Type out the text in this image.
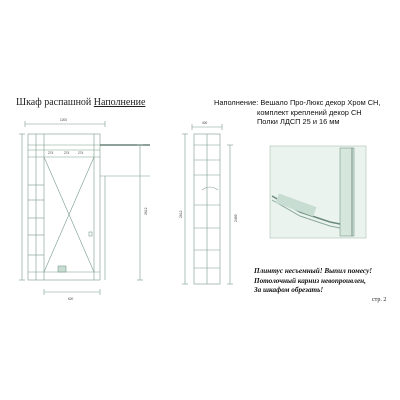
Шкаф распашной Наполнение	Наполнение: Вешало Про-Люкс декор Хром СН,
комплект креплений декор СН
Полки ЛДСП 25 и 16 мм
1200
620
2612
274	274	274
400
2612
2499
Плинтус несъемный! Выпил помесу!
Потолочный карниз невопроивлен,
За шкафом обрезать!
стр. 2
